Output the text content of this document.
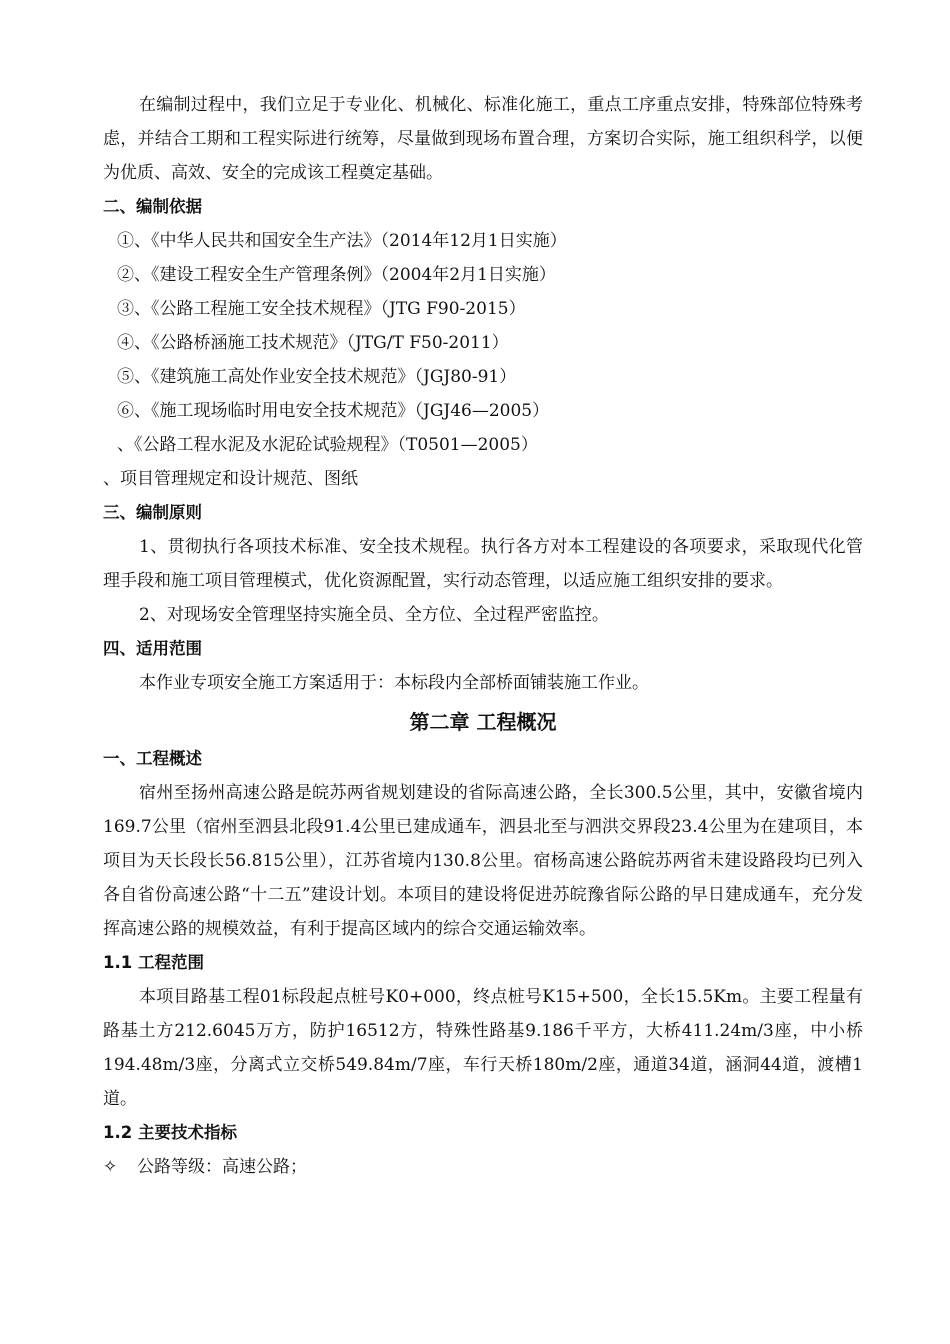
在编制过程中，我们立足于专业化、机械化、标准化施工，重点工序重点安排，特殊部位特殊考虑，并结合工期和工程实际进行统筹，尽量做到现场布置合理，方案切合实际，施工组织科学，以便为优质、高效、安全的完成该工程奠定基础。

二、编制依据

①、《中华人民共和国安全生产法》（2014年12月1日实施）

②、《建设工程安全生产管理条例》（2004年2月1日实施）

③、《公路工程施工安全技术规程》（JTG F90-2015）

④、《公路桥涵施工技术规范》（JTG/T F50-2011）

⑤、《建筑施工高处作业安全技术规范》（JGJ80-91）

⑥、《施工现场临时用电安全技术规范》（JGJ46—2005）

、《公路工程水泥及水泥砼试验规程》（T0501—2005）

、项目管理规定和设计规范、图纸

三、编制原则

1、贯彻执行各项技术标准、安全技术规程。执行各方对本工程建设的各项要求，采取现代化管理手段和施工项目管理模式，优化资源配置，实行动态管理，以适应施工组织安排的要求。

2、对现场安全管理坚持实施全员、全方位、全过程严密监控。

四、适用范围

本作业专项安全施工方案适用于：本标段内全部桥面铺装施工作业。

第二章 工程概况

一、工程概述

宿州至扬州高速公路是皖苏两省规划建设的省际高速公路，全长300.5公里，其中，安徽省境内169.7公里（宿州至泗县北段91.4公里已建成通车，泗县北至与泗洪交界段23.4公里为在建项目，本项目为天长段长56.815公里），江苏省境内130.8公里。宿杨高速公路皖苏两省未建设路段均已列入各自省份高速公路“十二五”建设计划。本项目的建设将促进苏皖豫省际公路的早日建成通车，充分发挥高速公路的规模效益，有利于提高区域内的综合交通运输效率。

1.1 工程范围

本项目路基工程01标段起点桩号K0+000，终点桩号K15+500，全长15.5Km。主要工程量有路基土方212.6045万方，防护16512方，特殊性路基9.186千平方，大桥411.24m/3座，中小桥194.48m/3座，分离式立交桥549.84m/7座，车行天桥180m/2座，通道34道，涵洞44道，渡槽1道。

1.2 主要技术指标

✧ 公路等级：高速公路；
